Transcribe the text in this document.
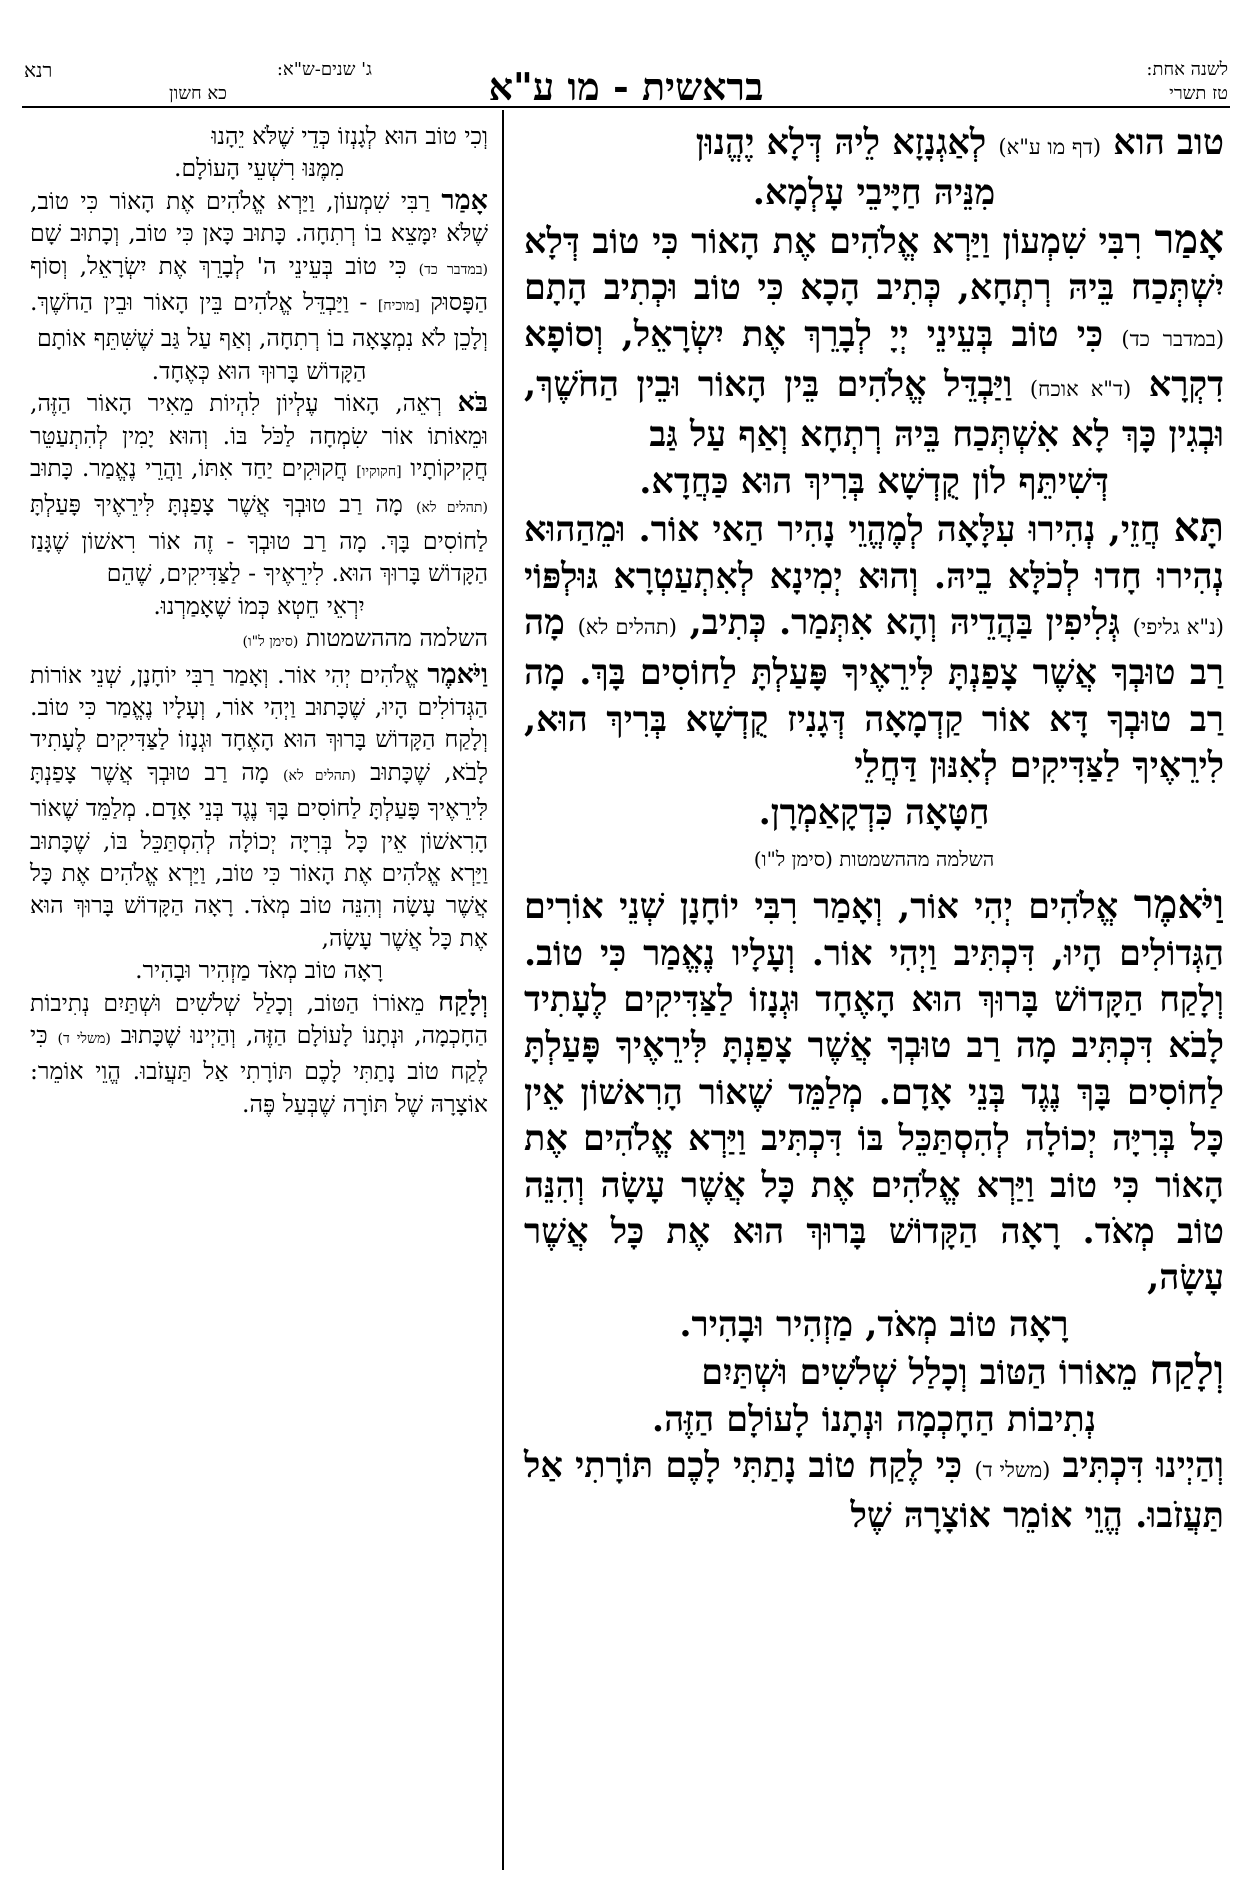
לשנה אחת:
טז תשרי
בראשית - מו ע"א
ג' שנים-ש"א:
רנא
כא חשון

טוב הוא (דף מו ע"א) לְאַגְנָזָא לֵיהּ דְּלָא יֶהֱנוּן

מִנֵּיהּ חַיָּיבֵי עָלְמָא.

אָמַר רִבִּי שִׁמְעוֹן וַיַּרְא אֱלֹהִים אֶת הָאוֹר כִּי טוֹב דְּלָא יִשְׁתְּכַח בֵּיהּ רְתְחָא, כְּתִיב הָכָא כִּי טוֹב וּכְתִיב הָתָם (במדבר כד) כִּי טוֹב בְּעֵינֵי יְיָ לְבָרֵךְ אֶת יִשְׂרָאֵל, וְסוֹפָא דִקְרָא (ד"א אוכח) וַיַּבְדֵּל אֱלֹהִים בֵּין הָאוֹר וּבֵין הַחֹשֶׁךְ, וּבְגִין כָּךְ לָא אִשְׁתְּכַח בֵּיהּ רְתְחָא וְאַף עַל גַּב

דְּשִׁיתֵּף לוֹן קֻדְשָׁא בְּרִיךְ הוּא כַּחֲדָא.

תָּא חֲזֵי, נְהִירוּ עִלָּאָה לְמֶהֱוֵי נָהִיר הַאי אוֹר. וּמֵהַהוּא נְהִירוּ חָדוּ לְכֹלָּא בֵיהּ. וְהוּא יְמִינָא לְאִתְעַטְרָא גּוּלְפּוֹי (נ"א גליפי) גְּלִיפִין בַּהֲדֵיהּ וְהָא אִתְּמַר. כְּתִיב, (תהלים לא) מָה רַב טוּבְךָ אֲשֶׁר צָפַנְתָּ לִּירֵאֶיךָ פָּעַלְתָּ לַחוֹסִים בָּךְ. מָה רַב טוּבְךָ דָּא אוֹר קַדְמָאָה דְּגָנִיז קֻדְשָׁא בְּרִיךְ הוּא, לִירֵאֶיךָ לַצַּדִּיקִים לְאִנּוּן דַּחֲלֵי

חַטָּאָה כִּדְקָאַמְרָן.

השלמה מההשמטות (סימן ל"ו)

וַיֹּאמֶר אֱלֹהִים יְהִי אוֹר, וְאָמַר רִבִּי יוֹחָנָן שְׁנֵי אוֹרִים הַגְּדוֹלִים הָיוּ, דִּכְתִּיב וַיְהִי אוֹר. וְעָלָיו נֶאֱמַר כִּי טוֹב. וְלָקַח הַקָּדוֹשׁ בָּרוּךְ הוּא הָאֶחָד וּגְנָזוֹ לַצַּדִּיקִים לֶעָתִיד לָבֹא דִּכְתִּיב מָה רַב טוּבְךָ אֲשֶׁר צָפַנְתָּ לִּירֵאֶיךָ פָּעַלְתָּ לַחוֹסִים בָּךְ נֶגֶד בְּנֵי אָדָם. מְלַמֵּד שֶׁאוֹר הָרִאשׁוֹן אֵין כָּל בְּרִיָּה יְכוֹלָה לְהִסְתַּכֵּל בּוֹ דִּכְתִּיב וַיַּרְא אֱלֹהִים אֶת הָאוֹר כִּי טוֹב וַיַּרְא אֱלֹהִים אֶת כָּל אֲשֶׁר עָשָׂה וְהִנֵּה טוֹב מְאֹד. רָאָה הַקָּדוֹשׁ בָּרוּךְ הוּא אֶת כָּל אֲשֶׁר עָשָׂה,

רָאָה טוֹב מְאֹד, מַזְהִיר וּבָהִיר.

וְלָקַח מֵאוֹרוֹ הַטּוֹב וְכָלַל שְׁלֹשִׁים וּשְׁתַּיִם

נְתִיבוֹת הַחָכְמָה וּנְתָנוֹ לָעוֹלָם הַזֶּה.

וְהַיְינוּ דִּכְתִּיב (משלי ד) כִּי לֶקַח טוֹב נָתַתִּי לָכֶם תּוֹרָתִי אַל תַּעֲזֹבוּ. הֱוֵי אוֹמֵר אוֹצָרָהּ שֶׁל

וְכִי טוֹב הוּא לְגָנְזוֹ כְּדֵי שֶׁלֹּא יֵהָנוּ

מִמֶּנּוּ רִשְׁעֵי הָעוֹלָם.

אָמַר רַבִּי שִׁמְעוֹן, וַיַּרְא אֱלֹהִים אֶת הָאוֹר כִּי טוֹב, שֶׁלֹּא יִמָּצֵא בוֹ רְתִחָה. כָּתוּב כָּאן כִּי טוֹב, וְכָתוּב שָׁם (במדבר כד) כִּי טוֹב בְּעֵינֵי ה' לְבָרֵךְ אֶת יִשְׂרָאֵל, וְסוֹף הַפָּסוּק [מוכיח] - וַיַּבְדֵּל אֱלֹהִים בֵּין הָאוֹר וּבֵין הַחֹשֶׁךְ. וְלָכֵן לֹא נִמְצָאָה בוֹ רְתִחָה, וְאַף עַל גַּב שֶׁשִּׁתֵּף אוֹתָם

הַקָּדוֹשׁ בָּרוּךְ הוּא כְּאֶחָד.

בֹּא רְאֵה, הָאוֹר עֶלְיוֹן לִהְיוֹת מֵאִיר הָאוֹר הַזֶּה, וּמֵאוֹתוֹ אוֹר שִׂמְחָה לַכֹּל בּוֹ. וְהוּא יָמִין לְהִתְעַטֵּר חֲקִיקוֹתָיו [חקוקיו] חֲקוּקִים יַחַד אִתּוֹ, וַהֲרֵי נֶאֱמַר. כָּתוּב (תהלים לא) מָה רַב טוּבְךָ אֲשֶׁר צָפַנְתָּ לִּירֵאֶיךָ פָּעַלְתָּ לַחוֹסִים בָּךְ. מָה רַב טוּבְךָ - זֶה אוֹר רִאשׁוֹן שֶׁגָּנַז הַקָּדוֹשׁ בָּרוּךְ הוּא. לִירֵאֶיךָ - לַצַּדִּיקִים, שֶׁהֵם

יִרְאֵי חֵטְא כְּמוֹ שֶׁאָמַרְנוּ.

השלמה מההשמטות (סימן ל"ו)

וַיֹּאמֶר אֱלֹהִים יְהִי אוֹר. וְאָמַר רַבִּי יוֹחָנָן, שְׁנֵי אוֹרוֹת הַגְּדוֹלִים הָיוּ, שֶׁכָּתוּב וַיְהִי אוֹר, וְעָלָיו נֶאֱמַר כִּי טוֹב. וְלָקַח הַקָּדוֹשׁ בָּרוּךְ הוּא הָאֶחָד וּגְנָזוֹ לַצַּדִּיקִים לֶעָתִיד לָבֹא, שֶׁכָּתוּב (תהלים לא) מָה רַב טוּבְךָ אֲשֶׁר צָפַנְתָּ לִּירֵאֶיךָ פָּעַלְתָּ לַחוֹסִים בָּךְ נֶגֶד בְּנֵי אָדָם. מְלַמֵּד שֶׁאוֹר הָרִאשׁוֹן אֵין כָּל בְּרִיָּה יְכוֹלָה לְהִסְתַּכֵּל בּוֹ, שֶׁכָּתוּב וַיַּרְא אֱלֹהִים אֶת הָאוֹר כִּי טוֹב, וַיַּרְא אֱלֹהִים אֶת כָּל אֲשֶׁר עָשָׂה וְהִנֵּה טוֹב מְאֹד. רָאָה הַקָּדוֹשׁ בָּרוּךְ הוּא אֶת כָּל אֲשֶׁר עָשָׂה,

רָאָה טוֹב מְאֹד מַזְהִיר וּבָהִיר.

וְלָקַח מֵאוֹרוֹ הַטּוֹב, וְכָלַל שְׁלֹשִׁים וּשְׁתַּיִם נְתִיבוֹת הַחָכְמָה, וּנְתָנוֹ לָעוֹלָם הַזֶּה, וְהַיְינוּ שֶׁכָּתוּב (משלי ד) כִּי לֶקַח טוֹב נָתַתִּי לָכֶם תּוֹרָתִי אַל תַּעֲזֹבוּ. הֱוֵי אוֹמֵר: אוֹצָרָהּ שֶׁל תּוֹרָה שֶׁבְּעַל פֶּה.
